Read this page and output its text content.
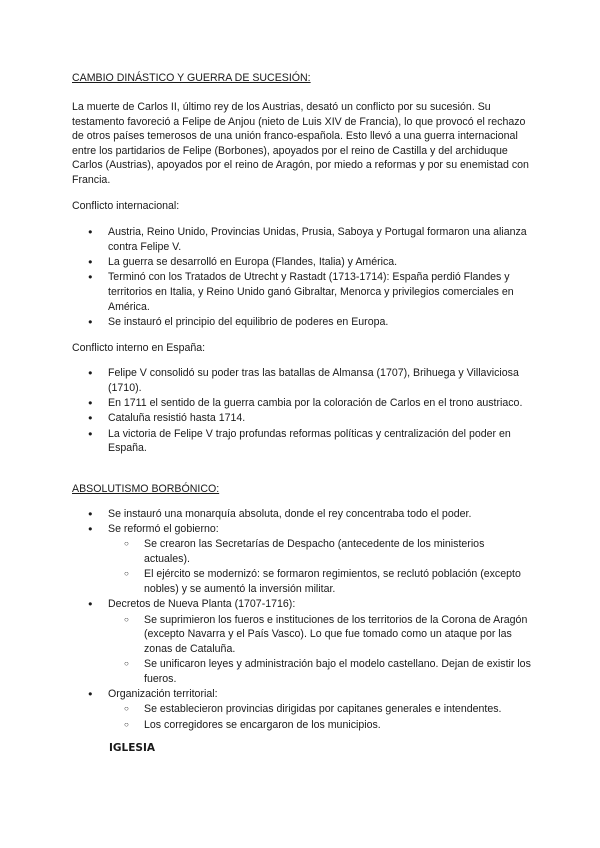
CAMBIO DINÁSTICO Y GUERRA DE SUCESIÓN:

La muerte de Carlos II, último rey de los Austrias, desató un conflicto por su sucesión. Su testamento favoreció a Felipe de Anjou (nieto de Luis XIV de Francia), lo que provocó el rechazo de otros países temerosos de una unión franco-española. Esto llevó a una guerra internacional entre los partidarios de Felipe (Borbones), apoyados por el reino de Castilla y del archiduque Carlos (Austrias), apoyados por el reino de Aragón, por miedo a reformas y por su enemistad con Francia.

Conflicto internacional:
● Austria, Reino Unido, Provincias Unidas, Prusia, Saboya y Portugal formaron una alianza contra Felipe V.
● La guerra se desarrolló en Europa (Flandes, Italia) y América.
● Terminó con los Tratados de Utrecht y Rastadt (1713-1714): España perdió Flandes y territorios en Italia, y Reino Unido ganó Gibraltar, Menorca y privilegios comerciales en América.
● Se instauró el principio del equilibrio de poderes en Europa.
Conflicto interno en España:
● Felipe V consolidó su poder tras las batallas de Almansa (1707), Brihuega y Villaviciosa (1710).
● En 1711 el sentido de la guerra cambia por la coloración de Carlos en el trono austriaco.
● Cataluña resistió hasta 1714.
● La victoria de Felipe V trajo profundas reformas políticas y centralización del poder en España.
ABSOLUTISMO BORBÓNICO:
● Se instauró una monarquía absoluta, donde el rey concentraba todo el poder.
● Se reformó el gobierno:
○ Se crearon las Secretarías de Despacho (antecedente de los ministerios actuales).
○ El ejército se modernizó: se formaron regimientos, se reclutó población (excepto nobles) y se aumentó la inversión militar.
● Decretos de Nueva Planta (1707-1716):
○ Se suprimieron los fueros e instituciones de los territorios de la Corona de Aragón (excepto Navarra y el País Vasco). Lo que fue tomado como un ataque por las zonas de Cataluña.
○ Se unificaron leyes y administración bajo el modelo castellano. Dejan de existir los fueros.
● Organización territorial:
○ Se establecieron provincias dirigidas por capitanes generales e intendentes.
○ Los corregidores se encargaron de los municipios.
IGLESIA
